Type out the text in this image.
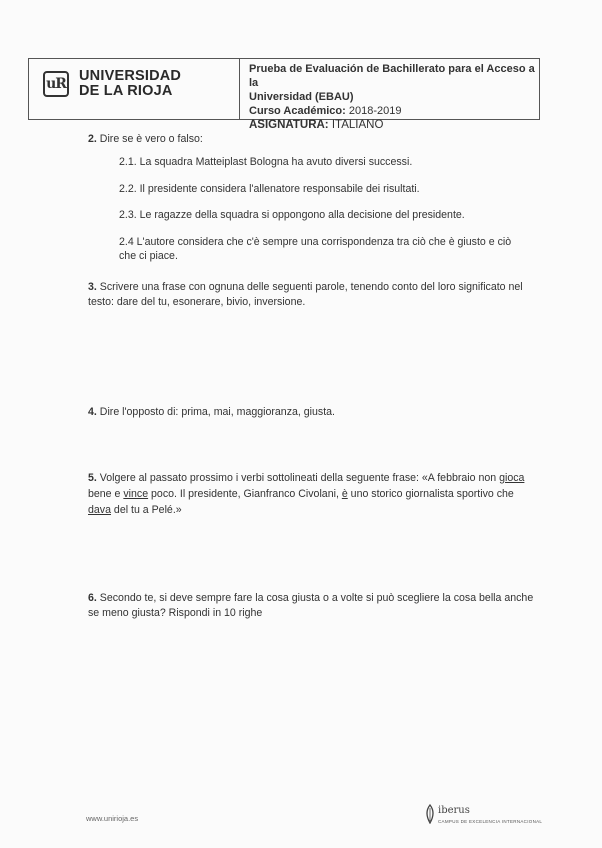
uR UNIVERSIDAD
DE LA RIOJA
Prueba de Evaluación de Bachillerato para el Acceso a la
Universidad (EBAU)
Curso Académico: 2018-2019
ASIGNATURA: ITALIANO
2. Dire se è vero o falso:
2.1. La squadra Matteiplast Bologna ha avuto diversi successi.
2.2. Il presidente considera l'allenatore responsabile dei risultati.
2.3. Le ragazze della squadra si oppongono alla decisione del presidente.
2.4 L'autore considera che c'è sempre una corrispondenza tra ciò che è giusto e ciò
che ci piace.
3. Scrivere una frase con ognuna delle seguenti parole, tenendo conto del loro significato nel
testo: dare del tu, esonerare, bivio, inversione.
4. Dire l'opposto di: prima, mai, maggioranza, giusta.
5. Volgere al passato prossimo i verbi sottolineati della seguente frase: «A febbraio non gioca
bene e vince poco. Il presidente, Gianfranco Civolani, è uno storico giornalista sportivo che
dava del tu a Pelé.»
6. Secondo te, si deve sempre fare la cosa giusta o a volte si può scegliere la cosa bella anche
se meno giusta? Rispondi in 10 righe
www.unirioja.es
iberus
CAMPUS DE EXCELENCIA INTERNACIONAL
